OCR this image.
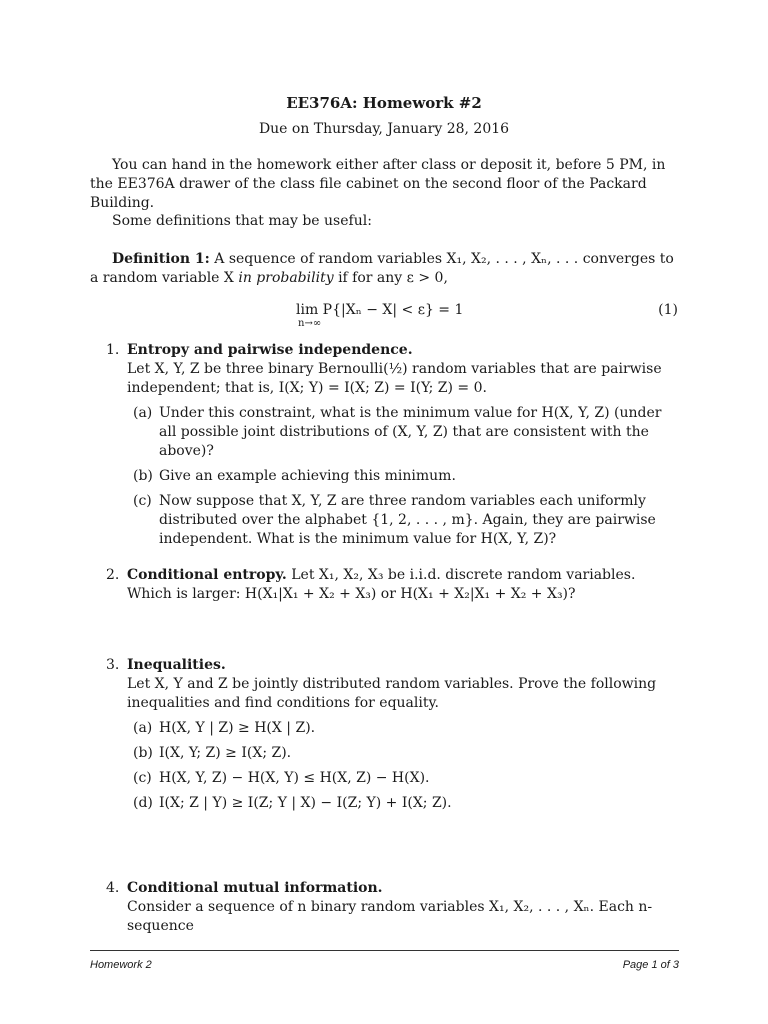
EE376A: Homework #2
Due on Thursday, January 28, 2016
You can hand in the homework either after class or deposit it, before 5 PM, in the EE376A drawer of the class file cabinet on the second floor of the Packard Building.
Some definitions that may be useful:
Definition 1: A sequence of random variables X₁, X₂, . . . , Xₙ, . . . converges to a random variable X in probability if for any ε > 0,
lim P{|Xₙ − X| < ε} = 1
n→∞
(1)
1. Entropy and pairwise independence.
Let X, Y, Z be three binary Bernoulli(½) random variables that are pairwise independent; that is, I(X; Y) = I(X; Z) = I(Y; Z) = 0.
(a) Under this constraint, what is the minimum value for H(X, Y, Z) (under all possible joint distributions of (X, Y, Z) that are consistent with the above)?
(b) Give an example achieving this minimum.
(c) Now suppose that X, Y, Z are three random variables each uniformly distributed over the alphabet {1, 2, . . . , m}. Again, they are pairwise independent. What is the minimum value for H(X, Y, Z)?
2. Conditional entropy. Let X₁, X₂, X₃ be i.i.d. discrete random variables. Which is larger: H(X₁|X₁ + X₂ + X₃) or H(X₁ + X₂|X₁ + X₂ + X₃)?
3. Inequalities.
Let X, Y and Z be jointly distributed random variables. Prove the following inequalities and find conditions for equality.
(a) H(X, Y | Z) ≥ H(X | Z).
(b) I(X, Y; Z) ≥ I(X; Z).
(c) H(X, Y, Z) − H(X, Y) ≤ H(X, Z) − H(X).
(d) I(X; Z | Y) ≥ I(Z; Y | X) − I(Z; Y) + I(X; Z).
4. Conditional mutual information.
Consider a sequence of n binary random variables X₁, X₂, . . . , Xₙ. Each n-sequence
Homework 2	Page 1 of 3
